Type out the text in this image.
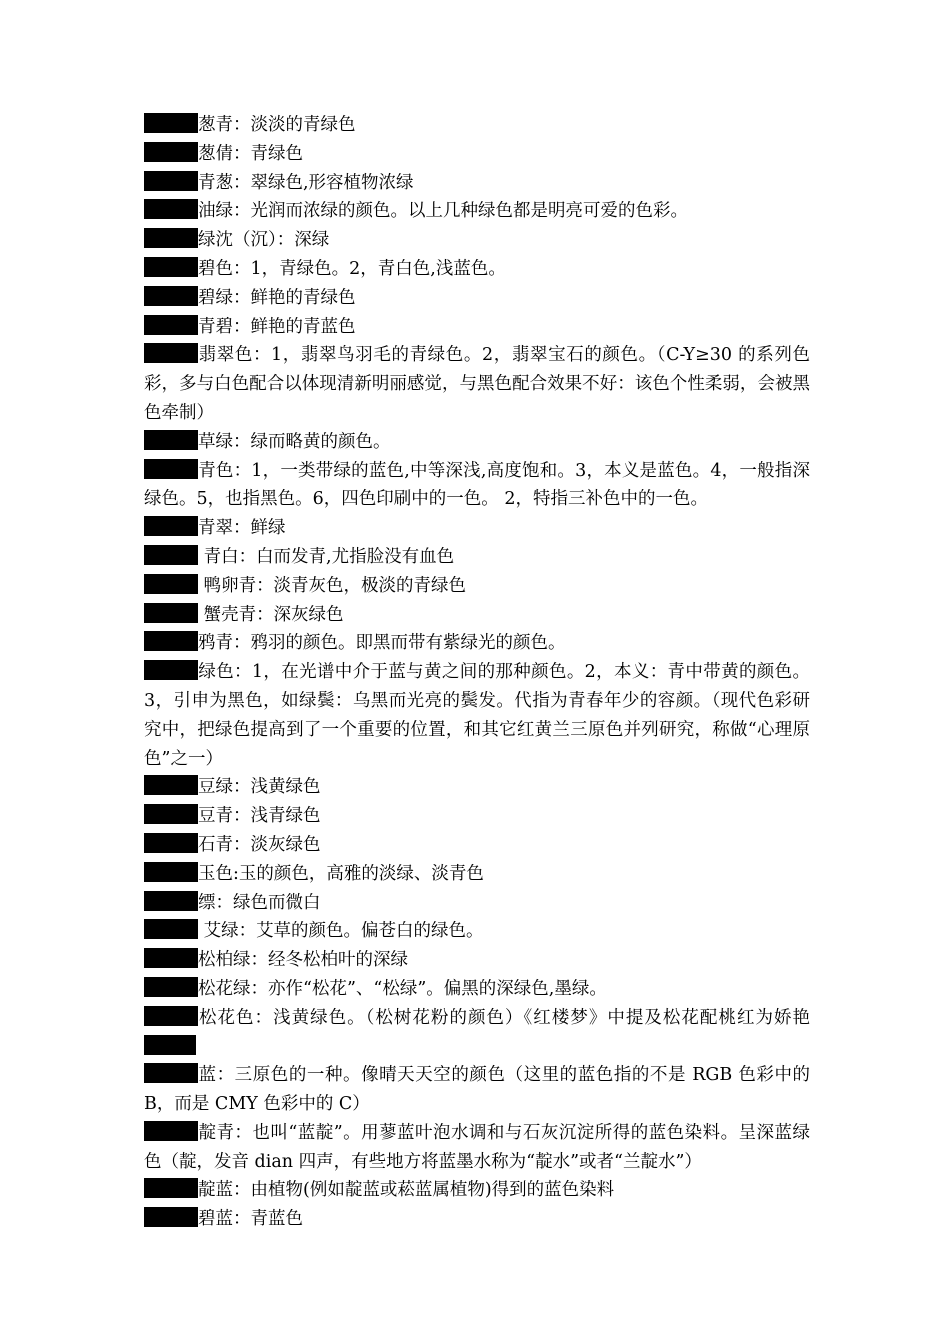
葱青：淡淡的青绿色

葱倩：青绿色

青葱：翠绿色,形容植物浓绿

油绿：光润而浓绿的颜色。以上几种绿色都是明亮可爱的色彩。

绿沈（沉）：深绿

碧色：1，青绿色。2，青白色,浅蓝色。

碧绿：鲜艳的青绿色

青碧：鲜艳的青蓝色

翡翠色：1，翡翠鸟羽毛的青绿色。2，翡翠宝石的颜色。（C-Y≥30 的系列色彩，多与白色配合以体现清新明丽感觉，与黑色配合效果不好：该色个性柔弱，会被黑色牵制）

草绿：绿而略黄的颜色。

青色：1，一类带绿的蓝色,中等深浅,高度饱和。3，本义是蓝色。4，一般指深绿色。5，也指黑色。6，四色印刷中的一色。 2，特指三补色中的一色。

青翠：鲜绿

青白：白而发青,尤指脸没有血色

鸭卵青：淡青灰色，极淡的青绿色

蟹壳青：深灰绿色

鸦青：鸦羽的颜色。即黑而带有紫绿光的颜色。

绿色：1，在光谱中介于蓝与黄之间的那种颜色。2，本义：青中带黄的颜色。3，引申为黑色，如绿鬓：乌黑而光亮的鬓发。代指为青春年少的容颜。（现代色彩研究中，把绿色提高到了一个重要的位置，和其它红黄兰三原色并列研究，称做“心理原色”之一）

豆绿：浅黄绿色

豆青：浅青绿色

石青：淡灰绿色

玉色:玉的颜色，高雅的淡绿、淡青色

缥：绿色而微白

艾绿：艾草的颜色。偏苍白的绿色。

松柏绿：经冬松柏叶的深绿

松花绿：亦作“松花”、“松绿”。偏黑的深绿色,墨绿。

松花色：浅黄绿色。（松树花粉的颜色）《红楼梦》中提及松花配桃红为娇艳

蓝：三原色的一种。像晴天天空的颜色（这里的蓝色指的不是 RGB 色彩中的 B，而是 CMY 色彩中的 C）

靛青：也叫“蓝靛”。用蓼蓝叶泡水调和与石灰沉淀所得的蓝色染料。呈深蓝绿色（靛，发音 dian 四声，有些地方将蓝墨水称为“靛水”或者“兰靛水”）

靛蓝：由植物(例如靛蓝或菘蓝属植物)得到的蓝色染料

碧蓝：青蓝色
